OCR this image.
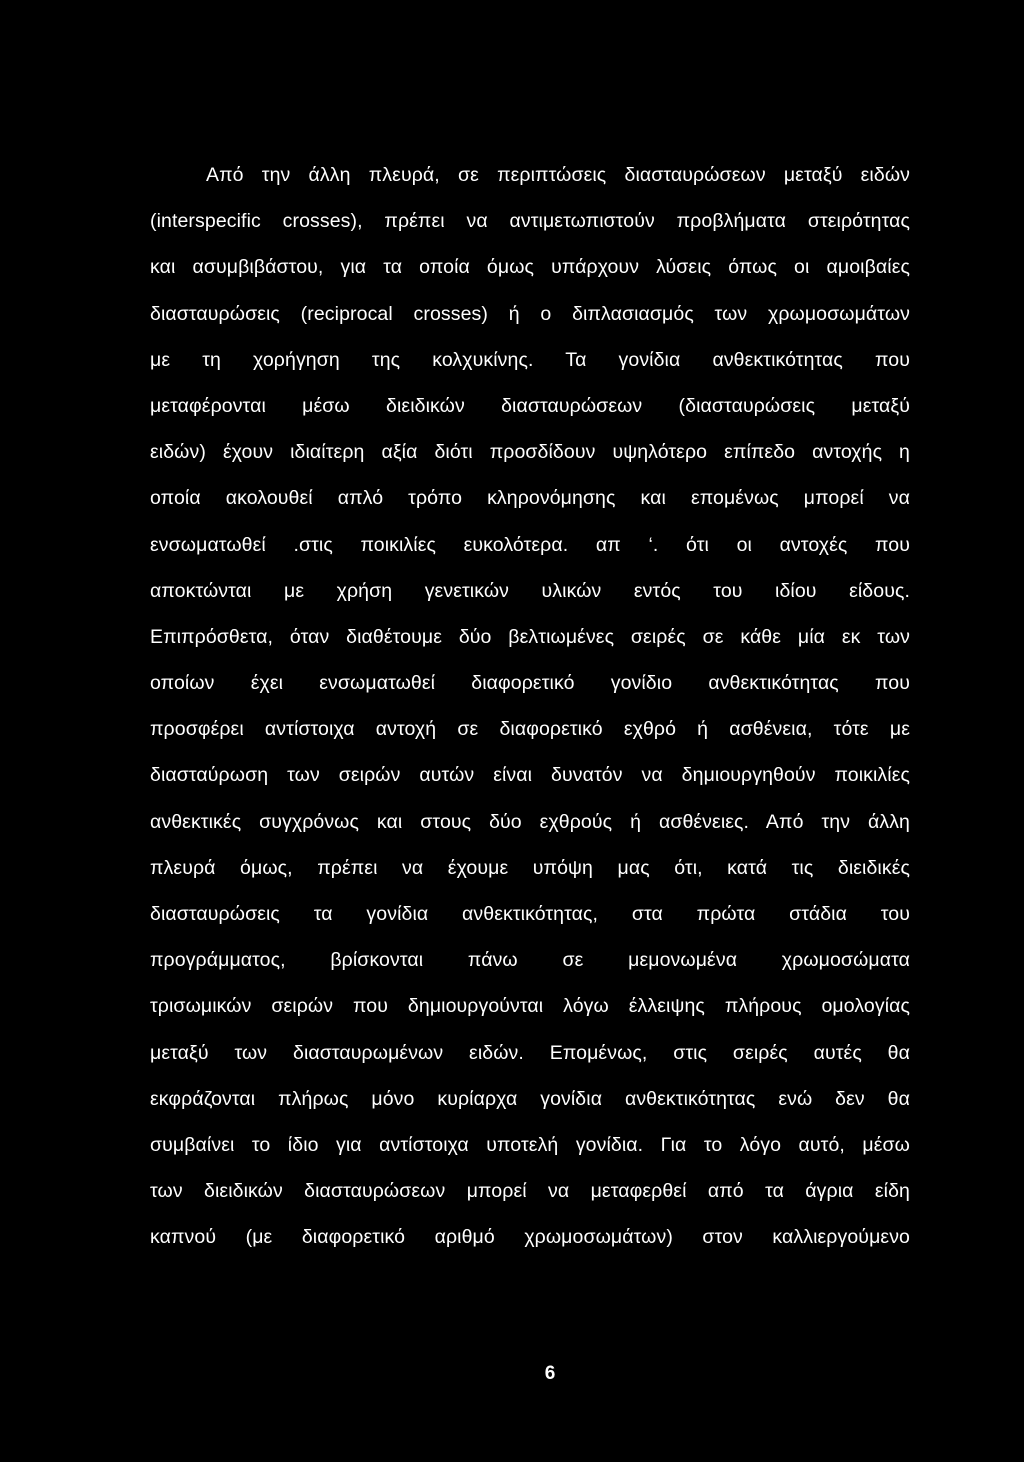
Από την άλλη πλευρά, σε περιπτώσεις διασταυρώσεων μεταξύ ειδών
(interspecific crosses), πρέπει να αντιμετωπιστούν προβλήματα στειρότητας
και ασυμβιβάστου, για τα οποία όμως υπάρχουν λύσεις όπως οι αμοιβαίες
διασταυρώσεις (reciprocal crosses) ή ο διπλασιασμός των χρωμοσωμάτων
με τη χορήγηση της κολχυκίνης. Τα γονίδια ανθεκτικότητας που
μεταφέρονται μέσω διειδικών διασταυρώσεων (διασταυρώσεις μεταξύ
ειδών) έχουν ιδιαίτερη αξία διότι προσδίδουν υψηλότερο επίπεδο αντοχής η
οποία ακολουθεί απλό τρόπο κληρονόμησης και επομένως μπορεί να
ενσωματωθεί .στις ποικιλίες ευκολότερα. απ ‘. ότι οι αντοχές που
αποκτώνται με χρήση γενετικών υλικών εντός του ιδίου είδους.
Επιπρόσθετα, όταν διαθέτουμε δύο βελτιωμένες σειρές σε κάθε μία εκ των
οποίων έχει ενσωματωθεί διαφορετικό γονίδιο ανθεκτικότητας που
προσφέρει αντίστοιχα αντοχή σε διαφορετικό εχθρό ή ασθένεια, τότε με
διασταύρωση των σειρών αυτών είναι δυνατόν να δημιουργηθούν ποικιλίες
ανθεκτικές συγχρόνως και στους δύο εχθρούς ή ασθένειες. Από την άλλη
πλευρά όμως, πρέπει να έχουμε υπόψη μας ότι, κατά τις διειδικές
διασταυρώσεις τα γονίδια ανθεκτικότητας, στα πρώτα στάδια του
προγράμματος, βρίσκονται πάνω σε μεμονωμένα χρωμοσώματα
τρισωμικών σειρών που δημιουργούνται λόγω έλλειψης πλήρους ομολογίας
μεταξύ των διασταυρωμένων ειδών. Επομένως, στις σειρές αυτές θα
εκφράζονται πλήρως μόνο κυρίαρχα γονίδια ανθεκτικότητας ενώ δεν θα
συμβαίνει το ίδιο για αντίστοιχα υποτελή γονίδια. Για το λόγο αυτό, μέσω
των διειδικών διασταυρώσεων μπορεί να μεταφερθεί από τα άγρια είδη
καπνού (με διαφορετικό αριθμό χρωμοσωμάτων) στον καλλιεργούμενο
6
